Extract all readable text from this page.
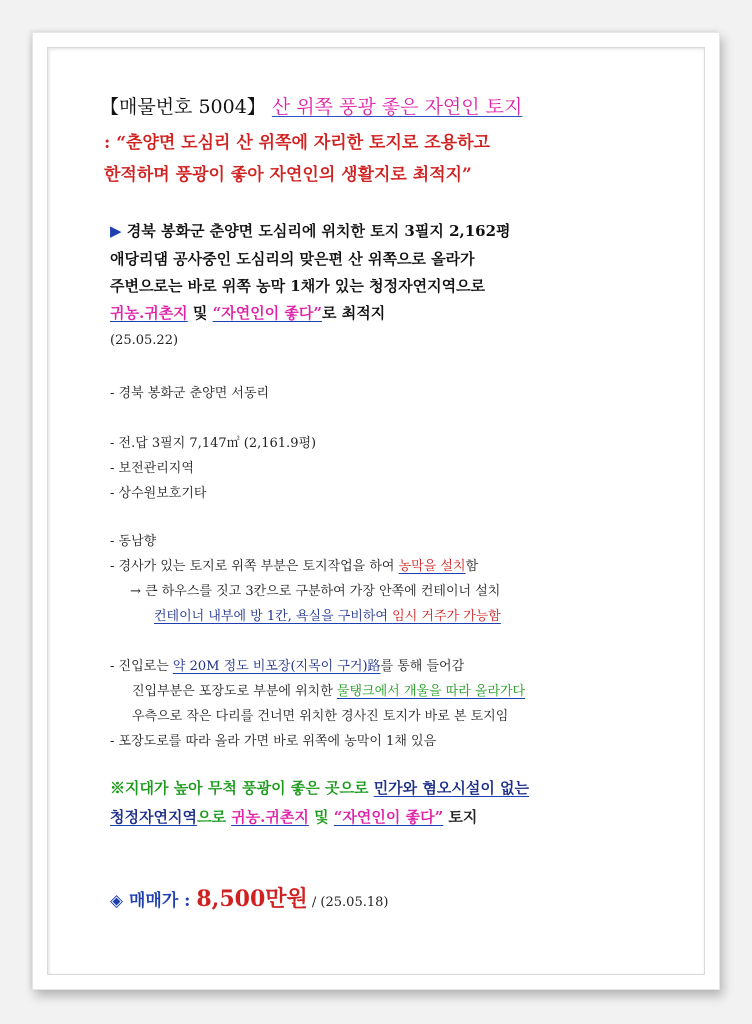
【매물번호 5004】 산 위쪽 풍광 좋은 자연인 토지
: “춘양면 도심리 산 위쪽에 자리한 토지로 조용하고
한적하며 풍광이 좋아 자연인의 생활지로 최적지”
▶ 경북 봉화군 춘양면 도심리에 위치한 토지 3필지 2,162평
애당리댐 공사중인 도심리의 맞은편 산 위쪽으로 올라가
주변으로는 바로 위쪽 농막 1채가 있는 청정자연지역으로
귀농.귀촌지 및 “자연인이 좋다”로 최적지
(25.05.22)
- 경북 봉화군 춘양면 서동리
- 전.답 3필지 7,147㎡ (2,161.9평)
- 보전관리지역
- 상수원보호기타
- 동남향
- 경사가 있는 토지로 위쪽 부분은 토지작업을 하여 농막을 설치함
→ 큰 하우스를 짓고 3칸으로 구분하여 가장 안쪽에 컨테이너 설치
컨테이너 내부에 방 1칸, 욕실을 구비하여 임시 거주가 가능함
- 진입로는 약 20M 정도 비포장(지목이 구거)路를 통해 들어감
진입부분은 포장도로 부분에 위치한 물탱크에서 개울을 따라 올라가다
우측으로 작은 다리를 건너면 위치한 경사진 토지가 바로 본 토지임
- 포장도로를 따라 올라 가면 바로 위쪽에 농막이 1채 있음
※지대가 높아 무척 풍광이 좋은 곳으로 민가와 혐오시설이 없는
청정자연지역으로 귀농.귀촌지 및 “자연인이 좋다” 토지
◈ 매매가 : 8,500만원 / (25.05.18)
